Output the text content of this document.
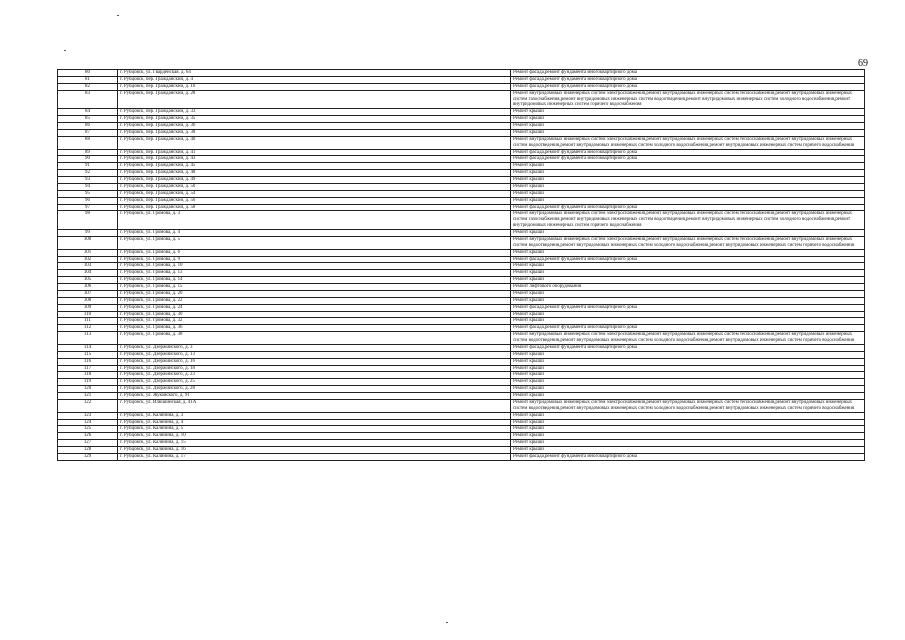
69
80	г. Рубцовск, ул. Гвардейская, д. 64	Ремонт фасада,ремонт фундамента многоквартирного дома
81	г. Рубцовск, пер. Гражданский, д. 4	Ремонт фасада,ремонт фундамента многоквартирного дома
82	г. Рубцовск, пер. Гражданский, д. 10	Ремонт фасада,ремонт фундамента многоквартирного дома
83	г. Рубцовск, пер. Гражданский, д. 28	Ремонт внутридомовых инженерных систем электроснабжения,ремонт внутридомовых инженерных систем теплоснабжения,ремонт внутридомовых инженерных систем газоснабжения,ремонт внутридомовых инженерных систем водоотведения,ремонт внутридомовых инженерных систем холодного водоснабжения,ремонт внутридомовых инженерных систем горячего водоснабжения
84	г. Рубцовск, пер. Гражданский, д. 33	Ремонт крыши
85	г. Рубцовск, пер. Гражданский, д. 35	Ремонт крыши
86	г. Рубцовск, пер. Гражданский, д. 36	Ремонт крыши
87	г. Рубцовск, пер. Гражданский, д. 38	Ремонт крыши
88	г. Рубцовск, пер. Гражданский, д. 40	Ремонт внутридомовых инженерных систем электроснабжения,ремонт внутридомовых инженерных систем теплоснабжения,ремонт внутридомовых инженерных систем водоотведения,ремонт внутридомовых инженерных систем холодного водоснабжения,ремонт внутридомовых инженерных систем горячего водоснабжения
89	г. Рубцовск, пер. Гражданский, д. 41	Ремонт фасада,ремонт фундамента многоквартирного дома
90	г. Рубцовск, пер. Гражданский, д. 43	Ремонт фасада,ремонт фундамента многоквартирного дома
91	г. Рубцовск, пер. Гражданский, д. 45	Ремонт крыши
92	г. Рубцовск, пер. Гражданский, д. 48	Ремонт крыши
93	г. Рубцовск, пер. Гражданский, д. 49	Ремонт крыши
94	г. Рубцовск, пер. Гражданский, д. 50	Ремонт крыши
95	г. Рубцовск, пер. Гражданский, д. 54	Ремонт крыши
96	г. Рубцовск, пер. Гражданский, д. 56	Ремонт крыши
97	г. Рубцовск, пер. Гражданский, д. 58	Ремонт фасада,ремонт фундамента многоквартирного дома
98	г. Рубцовск, ул. Громова, д. 3	Ремонт внутридомовых инженерных систем электроснабжения,ремонт внутридомовых инженерных систем теплоснабжения,ремонт внутридомовых инженерных систем газоснабжения,ремонт внутридомовых инженерных систем водоотведения,ремонт внутридомовых инженерных систем холодного водоснабжения,ремонт внутридомовых инженерных систем горячего водоснабжения
99	г. Рубцовск, ул. Громова, д. 4	Ремонт крыши
100	г. Рубцовск, ул. Громова, д. 5	Ремонт внутридомовых инженерных систем электроснабжения,ремонт внутридомовых инженерных систем теплоснабжения,ремонт внутридомовых инженерных систем водоотведения,ремонт внутридомовых инженерных систем холодного водоснабжения,ремонт внутридомовых инженерных систем горячего водоснабжения
101	г. Рубцовск, ул. Громова, д. 6	Ремонт крыши
102	г. Рубцовск, ул. Громова, д. 9	Ремонт фасада,ремонт фундамента многоквартирного дома
103	г. Рубцовск, ул. Громова, д. 10	Ремонт крыши
104	г. Рубцовск, ул. Громова, д. 13	Ремонт крыши
105	г. Рубцовск, ул. Громова, д. 14	Ремонт крыши
106	г. Рубцовск, ул. Громова, д. 15	Ремонт лифтового оборудования
107	г. Рубцовск, ул. Громова, д. 20	Ремонт крыши
108	г. Рубцовск, ул. Громова, д. 22	Ремонт крыши
109	г. Рубцовск, ул. Громова, д. 24	Ремонт фасада,ремонт фундамента многоквартирного дома
110	г. Рубцовск, ул. Громова, д. 30	Ремонт крыши
111	г. Рубцовск, ул. Громова, д. 32	Ремонт крыши
112	г. Рубцовск, ул. Громова, д. 36	Ремонт фасада,ремонт фундамента многоквартирного дома
113	г. Рубцовск, ул. Громова, д. 38	Ремонт внутридомовых инженерных систем электроснабжения,ремонт внутридомовых инженерных систем теплоснабжения,ремонт внутридомовых инженерных систем водоотведения,ремонт внутридомовых инженерных систем холодного водоснабжения,ремонт внутридомовых инженерных систем горячего водоснабжения
114	г. Рубцовск, ул. Дзержинского, д. 3	Ремонт фасада,ремонт фундамента многоквартирного дома
115	г. Рубцовск, ул. Дзержинского, д. 13	Ремонт крыши
116	г. Рубцовск, ул. Дзержинского, д. 16	Ремонт крыши
117	г. Рубцовск, ул. Дзержинского, д. 18	Ремонт крыши
118	г. Рубцовск, ул. Дзержинского, д. 23	Ремонт крыши
119	г. Рубцовск, ул. Дзержинского, д. 25	Ремонт крыши
120	г. Рубцовск, ул. Дзержинского, д. 28	Ремонт крыши
121	г. Рубцовск, ул. Жуковского, д. 91	Ремонт крыши
122	г. Рубцовск, ул. Илюшинская, д. 41А	Ремонт внутридомовых инженерных систем электроснабжения,ремонт внутридомовых инженерных систем теплоснабжения,ремонт внутридомовых инженерных систем водоотведения,ремонт внутридомовых инженерных систем холодного водоснабжения,ремонт внутридомовых инженерных систем горячего водоснабжения
123	г. Рубцовск, ул. Калинина, д. 3	Ремонт крыши
124	г. Рубцовск, ул. Калинина, д. 4	Ремонт крыши
125	г. Рубцовск, ул. Калинина, д. 5	Ремонт крыши
126	г. Рубцовск, ул. Калинина, д. 10	Ремонт крыши
127	г. Рубцовск, ул. Калинина, д. 15	Ремонт крыши
128	г. Рубцовск, ул. Калинина, д. 16	Ремонт крыши
129	г. Рубцовск, ул. Калинина, д. 17	Ремонт фасада,ремонт фундамента многоквартирного дома
